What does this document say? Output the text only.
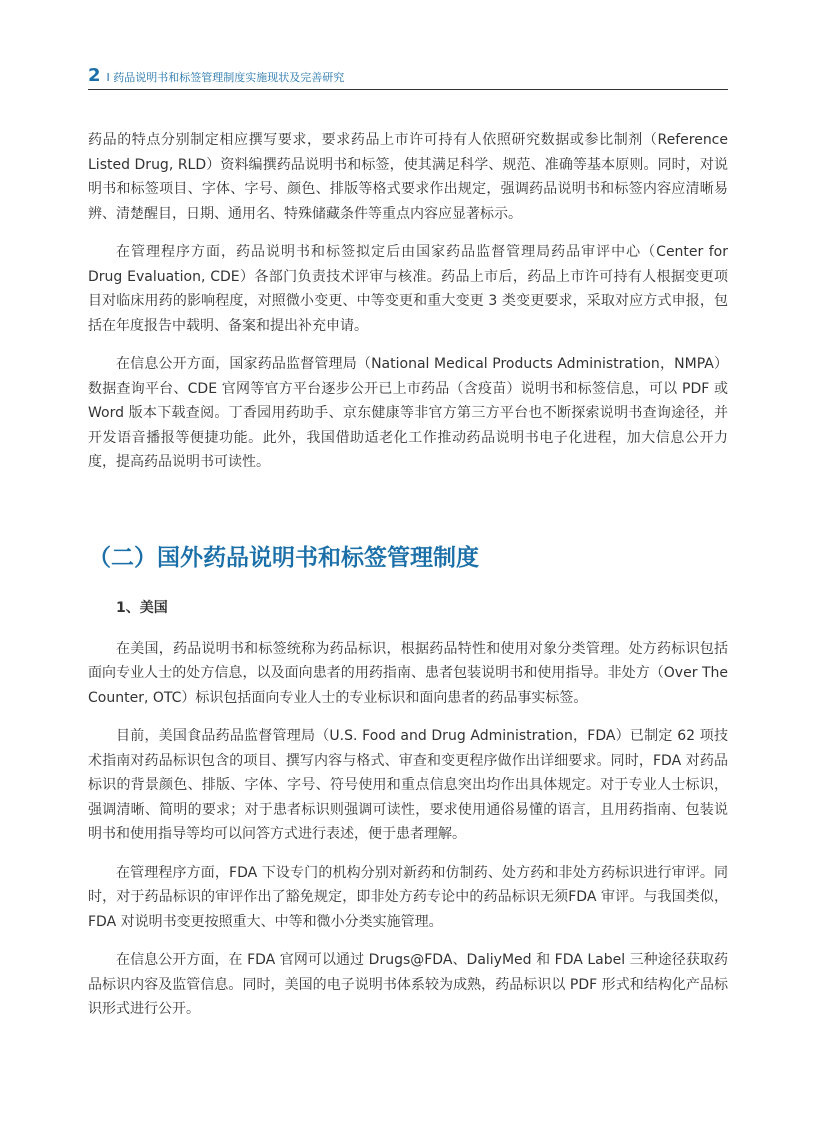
2 I 药品说明书和标签管理制度实施现状及完善研究

药品的特点分别制定相应撰写要求，要求药品上市许可持有人依照研究数据或参比制剂（Reference Listed Drug, RLD）资料编撰药品说明书和标签，使其满足科学、规范、准确等基本原则。同时，对说明书和标签项目、字体、字号、颜色、排版等格式要求作出规定，强调药品说明书和标签内容应清晰易辨、清楚醒目，日期、通用名、特殊储藏条件等重点内容应显著标示。

在管理程序方面，药品说明书和标签拟定后由国家药品监督管理局药品审评中心（Center for Drug Evaluation, CDE）各部门负责技术评审与核准。药品上市后，药品上市许可持有人根据变更项目对临床用药的影响程度，对照微小变更、中等变更和重大变更 3 类变更要求，采取对应方式申报，包括在年度报告中载明、备案和提出补充申请。

在信息公开方面，国家药品监督管理局（National Medical Products Administration，NMPA）数据查询平台、CDE 官网等官方平台逐步公开已上市药品（含疫苗）说明书和标签信息，可以 PDF 或 Word 版本下载查阅。丁香园用药助手、京东健康等非官方第三方平台也不断探索说明书查询途径，并开发语音播报等便捷功能。此外，我国借助适老化工作推动药品说明书电子化进程，加大信息公开力度，提高药品说明书可读性。

（二）国外药品说明书和标签管理制度
1、美国

在美国，药品说明书和标签统称为药品标识，根据药品特性和使用对象分类管理。处方药标识包括面向专业人士的处方信息，以及面向患者的用药指南、患者包装说明书和使用指导。非处方（Over The Counter, OTC）标识包括面向专业人士的专业标识和面向患者的药品事实标签。

目前，美国食品药品监督管理局（U.S. Food and Drug Administration，FDA）已制定 62 项技术指南对药品标识包含的项目、撰写内容与格式、审查和变更程序做作出详细要求。同时，FDA 对药品标识的背景颜色、排版、字体、字号、符号使用和重点信息突出均作出具体规定。对于专业人士标识，强调清晰、简明的要求；对于患者标识则强调可读性，要求使用通俗易懂的语言，且用药指南、包装说明书和使用指导等均可以问答方式进行表述，便于患者理解。

在管理程序方面，FDA 下设专门的机构分别对新药和仿制药、处方药和非处方药标识进行审评。同时，对于药品标识的审评作出了豁免规定，即非处方药专论中的药品标识无须FDA 审评。与我国类似，FDA 对说明书变更按照重大、中等和微小分类实施管理。

在信息公开方面，在 FDA 官网可以通过 Drugs@FDA、DaliyMed 和 FDA Label 三种途径获取药品标识内容及监管信息。同时，美国的电子说明书体系较为成熟，药品标识以 PDF 形式和结构化产品标识形式进行公开。
